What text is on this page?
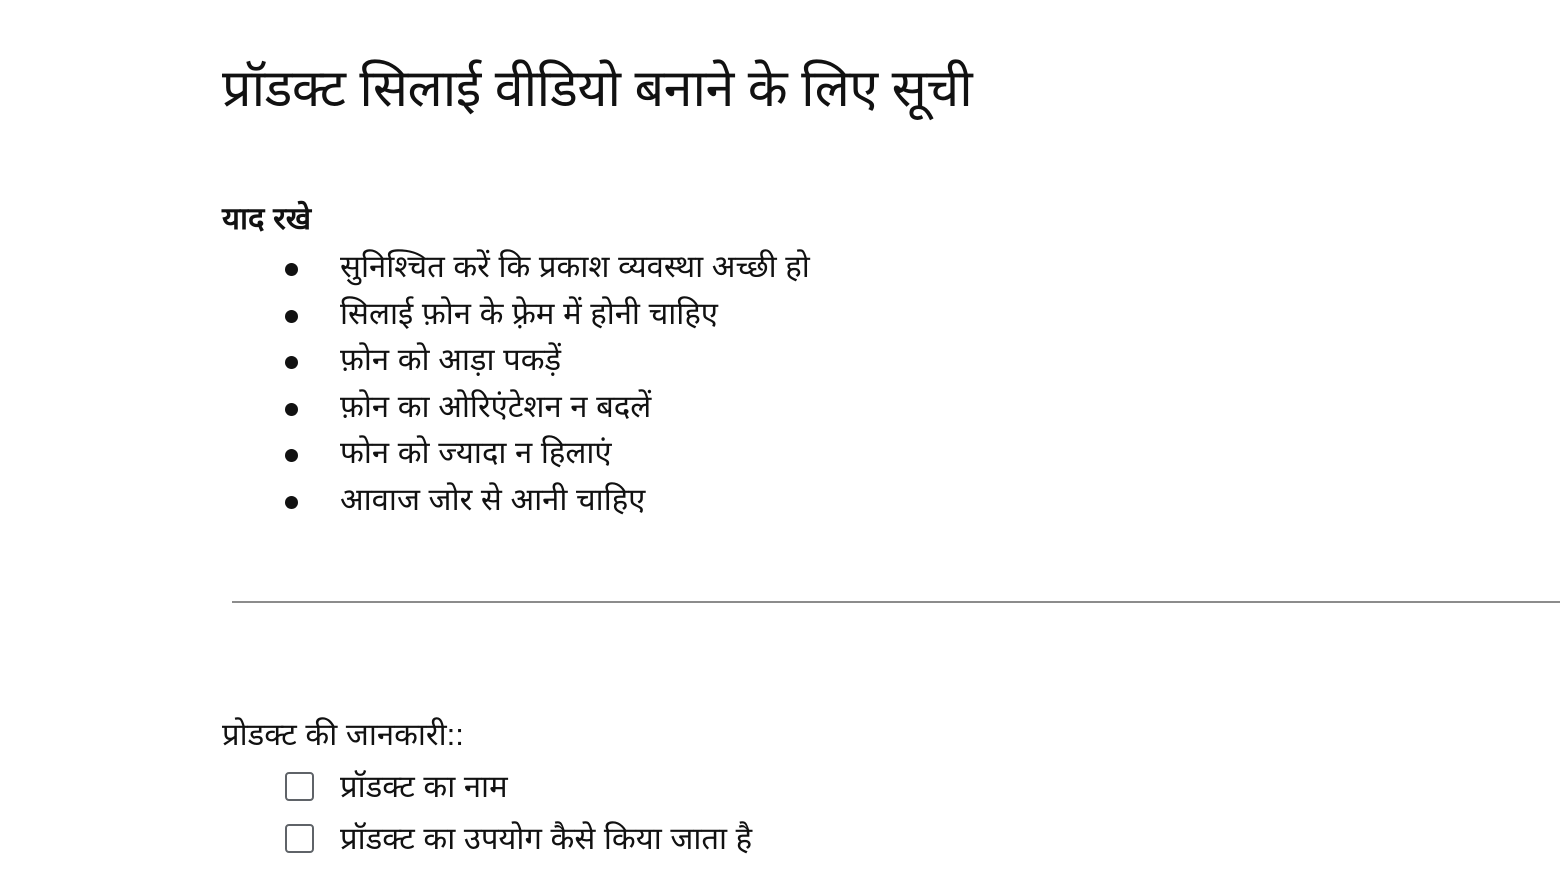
प्रॉडक्ट सिलाई वीडियो बनाने के लिए सूची
याद रखे
सुनिश्चित करें कि प्रकाश व्यवस्था अच्छी हो
सिलाई फ़ोन के फ़्रेम में होनी चाहिए
फ़ोन को आड़ा पकड़ें
फ़ोन का ओरिएंटेशन न बदलें
फोन को ज्यादा न हिलाएं
आवाज जोर से आनी चाहिए
प्रोडक्ट की जानकारी::
प्रॉडक्ट का नाम
प्रॉडक्ट का उपयोग कैसे किया जाता है
